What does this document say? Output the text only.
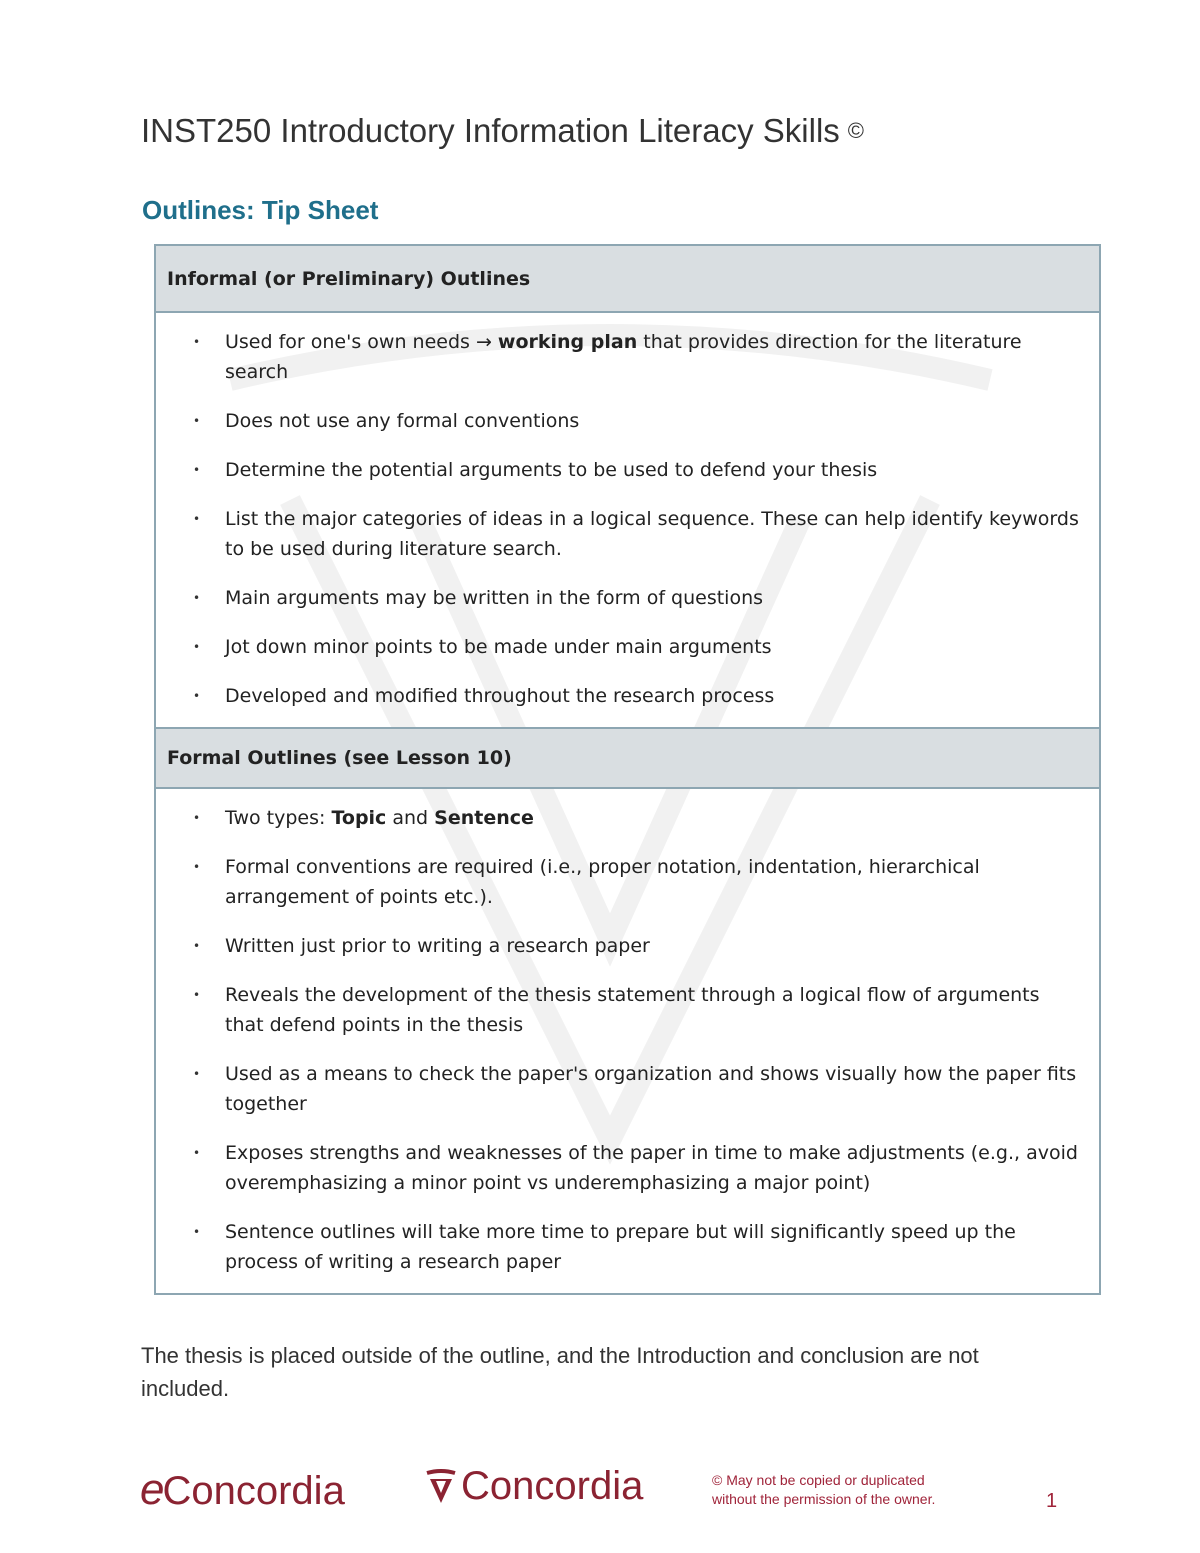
INST250 Introductory Information Literacy Skills ©
Outlines: Tip Sheet
Informal (or Preliminary) Outlines
• Used for one's own needs → working plan that provides direction for the literature search
• Does not use any formal conventions
• Determine the potential arguments to be used to defend your thesis
• List the major categories of ideas in a logical sequence. These can help identify keywords to be used during literature search.
• Main arguments may be written in the form of questions
• Jot down minor points to be made under main arguments
• Developed and modified throughout the research process
Formal Outlines (see Lesson 10)
• Two types: Topic and Sentence
• Formal conventions are required (i.e., proper notation, indentation, hierarchical arrangement of points etc.).
• Written just prior to writing a research paper
• Reveals the development of the thesis statement through a logical flow of arguments that defend points in the thesis
• Used as a means to check the paper's organization and shows visually how the paper fits together
• Exposes strengths and weaknesses of the paper in time to make adjustments (e.g., avoid overemphasizing a minor point vs underemphasizing a major point)
• Sentence outlines will take more time to prepare but will significantly speed up the process of writing a research paper

The thesis is placed outside of the outline, and the Introduction and conclusion are not included.

eConcordia	Concordia	© May not be copied or duplicated
without the permission of the owner.	1
